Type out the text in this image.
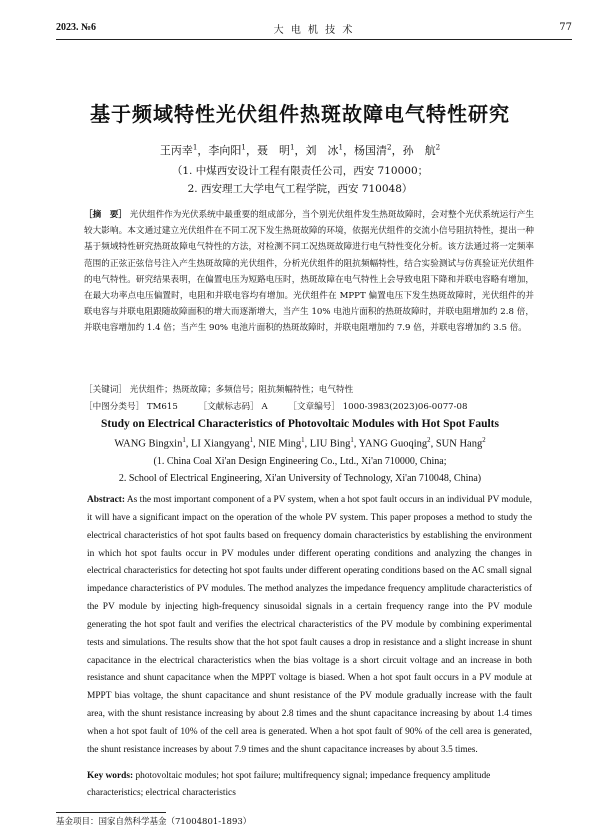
2023. №6	大 电 机 技 术	77
基于频域特性光伏组件热斑故障电气特性研究
王丙幸$^1$，李向阳$^1$，聂　明$^1$，刘　冰$^1$，杨国清$^2$，孙　航$^2$
（1. 中煤西安设计工程有限责任公司，西安 710000；
2. 西安理工大学电气工程学院，西安 710048）
［摘　要］ 光伏组件作为光伏系统中最重要的组成部分，当个别光伏组件发生热斑故障时，会对整个光伏系统运行产生较大影响。本文通过建立光伏组件在不同工况下发生热斑故障的环境，依据光伏组件的交流小信号阻抗特性，提出一种基于频域特性研究热斑故障电气特性的方法，对检测不同工况热斑故障进行电气特性变化分析。该方法通过将一定频率范围的正弦正弦信号注入产生热斑故障的光伏组件，分析光伏组件的阻抗频幅特性，结合实验测试与仿真验证光伏组件的电气特性。研究结果表明，在偏置电压为短路电压时，热斑故障在电气特性上会导致电阻下降和并联电容略有增加，在最大功率点电压偏置时，电阻和并联电容均有增加。光伏组件在 MPPT 偏置电压下发生热斑故障时，光伏组件的并联电容与并联电阻跟随故障面积的增大而逐渐增大，当产生 10% 电池片面积的热斑故障时，并联电阻增加约 2.8 倍，并联电容增加约 1.4 倍；当产生 90% 电池片面积的热斑故障时，并联电阻增加约 7.9 倍，并联电容增加约 3.5 倍。
［关键词］ 光伏组件；热斑故障；多频信号；阻抗频幅特性；电气特性
［中图分类号］ TM615 ［文献标志码］ A ［文章编号］ 1000-3983(2023)06-0077-08
Study on Electrical Characteristics of Photovoltaic Modules with Hot Spot Faults
WANG Bingxin$^1$, LI Xiangyang$^1$, NIE Ming$^1$, LIU Bing$^1$, YANG Guoqing$^2$, SUN Hang$^2$
(1. China Coal Xi'an Design Engineering Co., Ltd., Xi'an 710000, China;
2. School of Electrical Engineering, Xi'an University of Technology, Xi'an 710048, China)
Abstract: As the most important component of a PV system, when a hot spot fault occurs in an individual PV module, it will have a significant impact on the operation of the whole PV system. This paper proposes a method to study the electrical characteristics of hot spot faults based on frequency domain characteristics by establishing the environment in which hot spot faults occur in PV modules under different operating conditions and analyzing the changes in electrical characteristics for detecting hot spot faults under different operating conditions based on the AC small signal impedance characteristics of PV modules. The method analyzes the impedance frequency amplitude characteristics of the PV module by injecting high-frequency sinusoidal signals in a certain frequency range into the PV module generating the hot spot fault and verifies the electrical characteristics of the PV module by combining experimental tests and simulations. The results show that the hot spot fault causes a drop in resistance and a slight increase in shunt capacitance in the electrical characteristics when the bias voltage is a short circuit voltage and an increase in both resistance and shunt capacitance when the MPPT voltage is biased. When a hot spot fault occurs in a PV module at MPPT bias voltage, the shunt capacitance and shunt resistance of the PV module gradually increase with the fault area, with the shunt resistance increasing by about 2.8 times and the shunt capacitance increasing by about 1.4 times when a hot spot fault of 10% of the cell area is generated. When a hot spot fault of 90% of the cell area is generated, the shunt resistance increases by about 7.9 times and the shunt capacitance increases by about 3.5 times.
Key words: photovoltaic modules; hot spot failure; multifrequency signal; impedance frequency amplitude characteristics; electrical characteristics
基金项目：国家自然科学基金（71004801-1893）
